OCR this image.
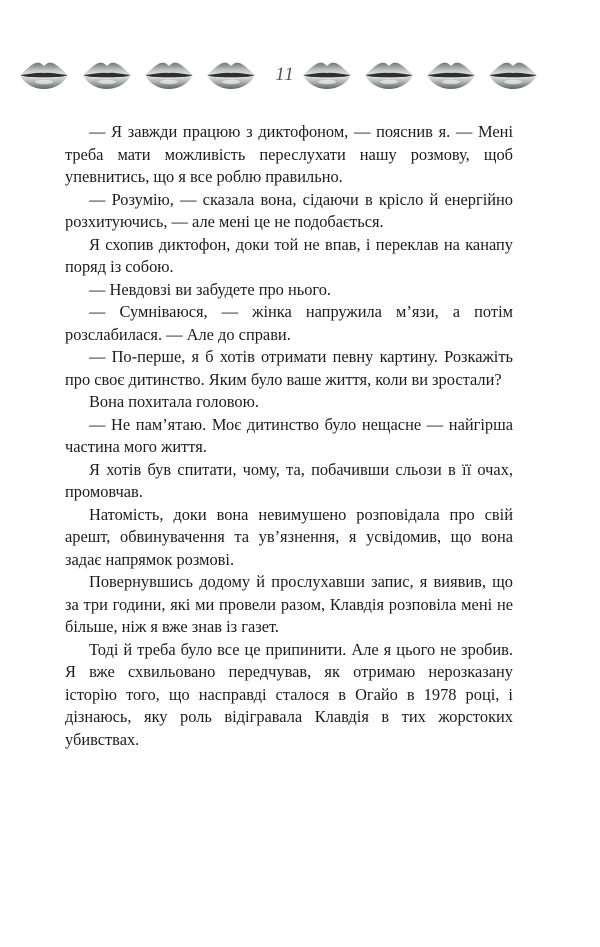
11

— Я завжди працюю з диктофоном, — пояснив я. — Мені треба мати можливість переслухати нашу розмову, щоб упевнитись, що я все роблю правильно.

— Розумію, — сказала вона, сідаючи в крісло й енергійно розхитуючись, — але мені це не подобається.

Я схопив диктофон, доки той не впав, і переклав на канапу поряд із собою.

— Невдовзі ви забудете про нього.

— Сумніваюся, — жінка напружила м’язи, а потім розслабилася. — Але до справи.

— По-перше, я б хотів отримати певну картину. Розкажіть про своє дитинство. Яким було ваше життя, коли ви зростали?

Вона похитала головою.

— Не пам’ятаю. Моє дитинство було нещасне — найгірша частина мого життя.

Я хотів був спитати, чому, та, побачивши сльози в її очах, промовчав.

Натомість, доки вона невимушено розповідала про свій арешт, обвинувачення та ув’язнення, я усвідомив, що вона задає напрямок розмові.

Повернувшись додому й прослухавши запис, я виявив, що за три години, які ми провели разом, Клавдія розповіла мені не більше, ніж я вже знав із газет.

Тоді й треба було все це припинити. Але я цього не зробив. Я вже схвильовано передчував, як отримаю нерозказану історію того, що насправді сталося в Огайо в 1978 році, і дізнаюсь, яку роль відігравала Клавдія в тих жорстоких убивствах.
